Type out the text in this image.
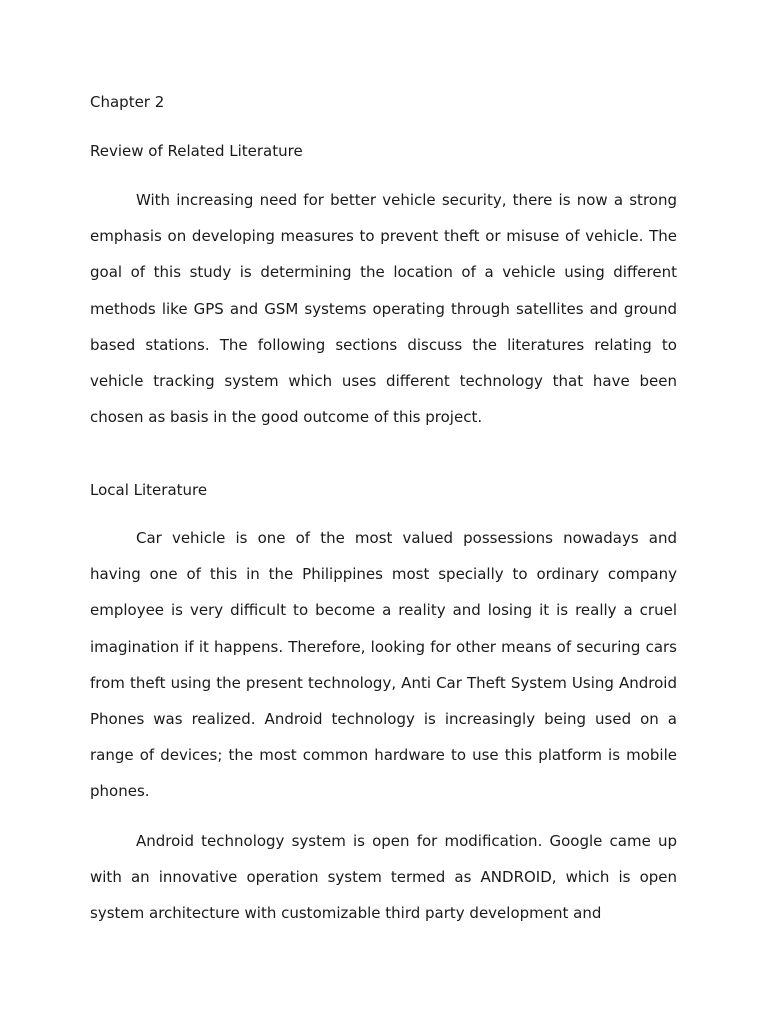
Chapter 2
Review of Related Literature

With increasing need for better vehicle security, there is now a strong emphasis on developing measures to prevent theft or misuse of vehicle. The goal of this study is determining the location of a vehicle using different methods like GPS and GSM systems operating through satellites and ground based stations. The following sections discuss the literatures relating to vehicle tracking system which uses different technology that have been chosen as basis in the good outcome of this project.

Local Literature

Car vehicle is one of the most valued possessions nowadays and having one of this in the Philippines most specially to ordinary company employee is very difficult to become a reality and losing it is really a cruel imagination if it happens. Therefore, looking for other means of securing cars from theft using the present technology, Anti Car Theft System Using Android Phones was realized. Android technology is increasingly being used on a range of devices; the most common hardware to use this platform is mobile phones.

Android technology system is open for modification. Google came up with an innovative operation system termed as ANDROID, which is open system architecture with customizable third party development and
